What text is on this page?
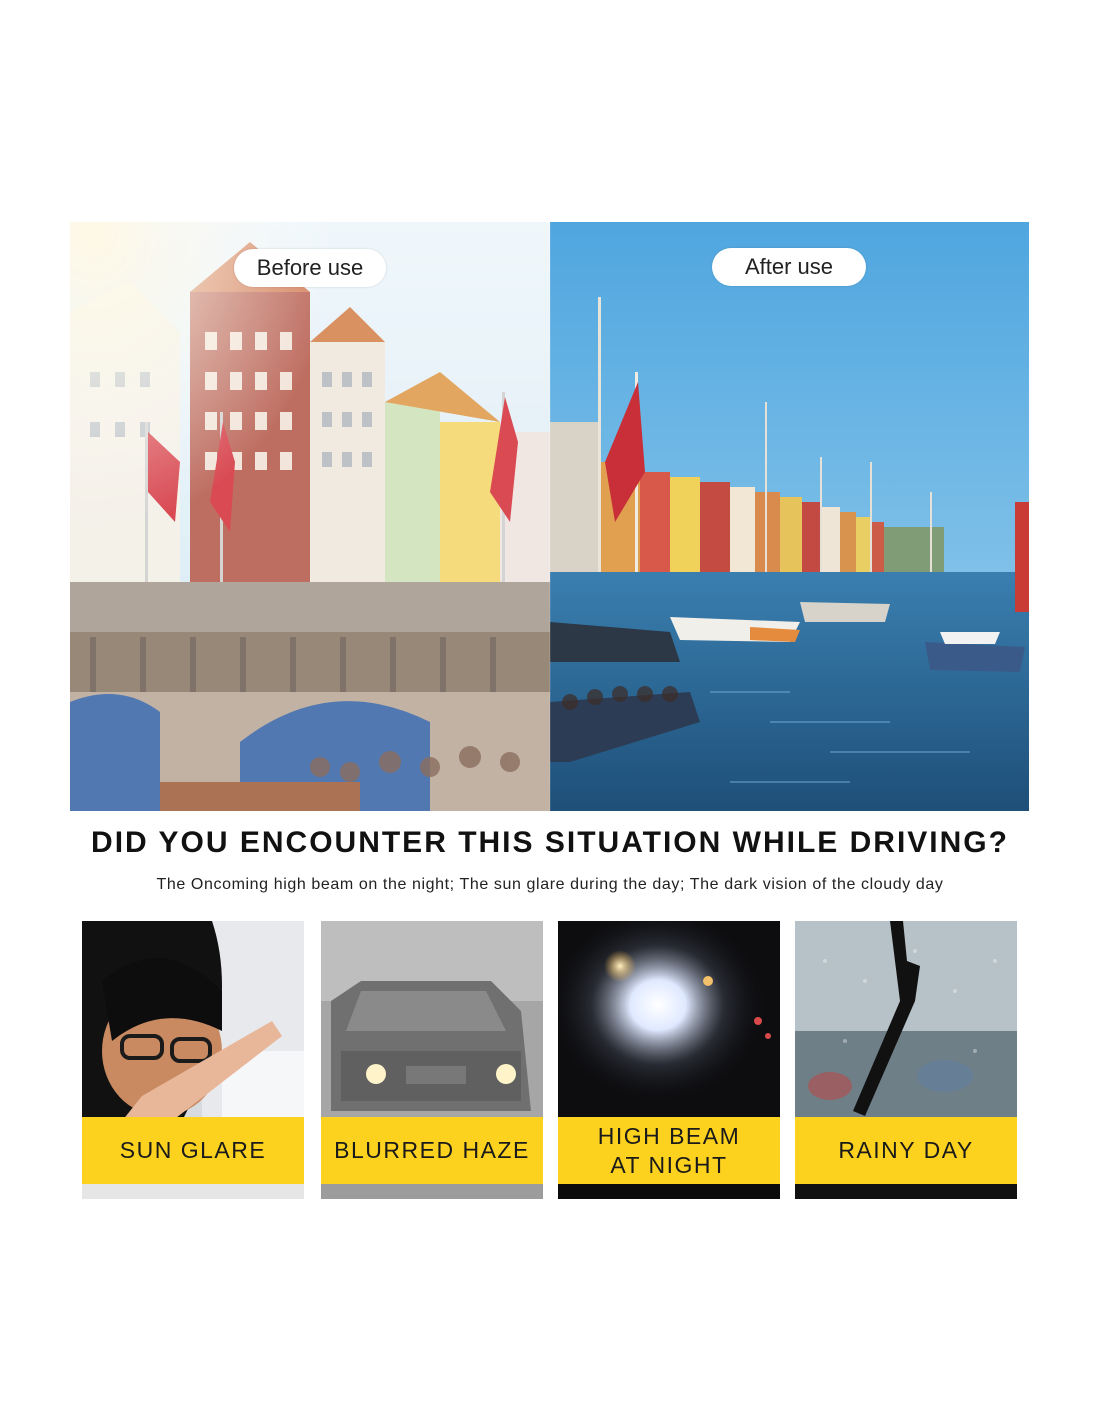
Before use	After use
DID YOU ENCOUNTER THIS SITUATION WHILE DRIVING?
The Oncoming high beam on the night; The sun glare during the day; The dark vision of the cloudy day
SUN GLARE	BLURRED HAZE
HIGH BEAM
AT NIGHT
RAINY DAY
